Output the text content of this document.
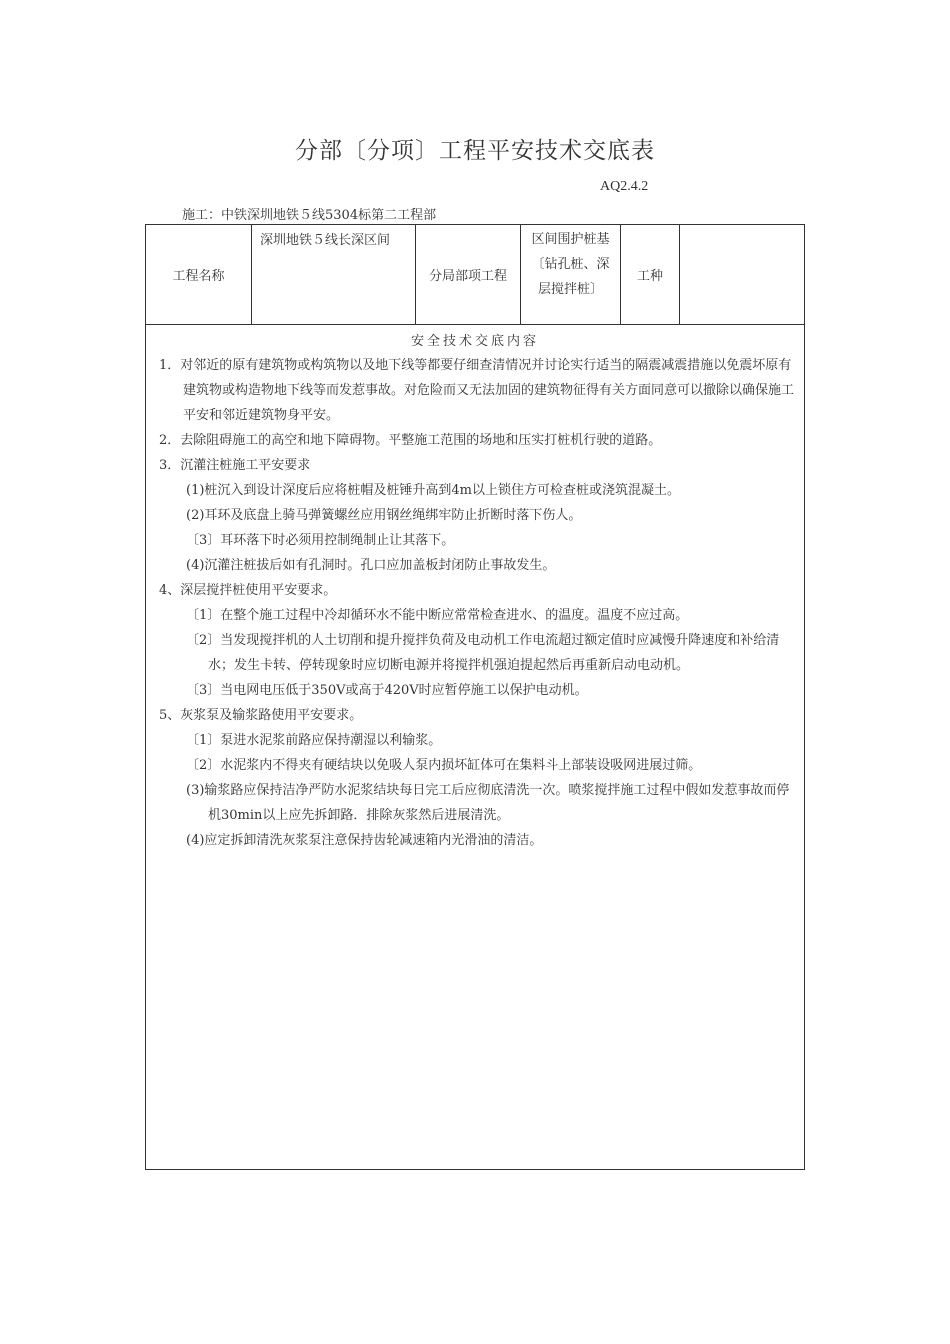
分部〔分项〕工程平安技术交底表
AQ2.4.2
施工：中铁深圳地铁５线5304标第二工程部
工程名称
深圳地铁５线长深区间
分局部项工程
区间围护桩基〔钻孔桩、深层搅拌桩〕
工种
安全技术交底内容

1．对邻近的原有建筑物或构筑物以及地下线等都要仔细查清情况并讨论实行适当的隔震减震措施以免震坏原有建筑物或构造物地下线等而发惹事故。对危险而又无法加固的建筑物征得有关方面同意可以撤除以确保施工平安和邻近建筑物身平安。

2．去除阻碍施工的高空和地下障碍物。平整施工范围的场地和压实打桩机行驶的道路。

3．沉灌注桩施工平安要求

(1)桩沉入到设计深度后应将桩帽及桩锤升高到4m以上锁住方可检查桩或浇筑混凝土。

(2)耳环及底盘上骑马弹簧螺丝应用钢丝绳绑牢防止折断时落下伤人。

〔3〕耳环落下时必须用控制绳制止让其落下。

(4)沉灌注桩拔后如有孔洞时。孔口应加盖板封闭防止事故发生。

4、深层搅拌桩使用平安要求。

〔1〕在整个施工过程中冷却循环水不能中断应常常检查进水、的温度。温度不应过高。

〔2〕当发现搅拌机的人土切削和提升搅拌负荷及电动机工作电流超过额定值时应减慢升降速度和补给清水；发生卡转、停转现象时应切断电源并将搅拌机强迫提起然后再重新启动电动机。

〔3〕当电网电压低于350V或高于420V时应暂停施工以保护电动机。

5、灰浆泵及输浆路使用平安要求。

〔1〕泵进水泥浆前路应保持潮湿以利输浆。

〔2〕水泥浆内不得夹有硬结块以免吸人泵内损坏缸体可在集料斗上部装设吸网进展过筛。

(3)输浆路应保持洁净严防水泥浆结块每日完工后应彻底清洗一次。喷浆搅拌施工过程中假如发惹事故而停机30min以上应先拆卸路．排除灰浆然后进展清洗。

(4)应定拆卸清洗灰浆泵注意保持齿轮减速箱内光滑油的清洁。
